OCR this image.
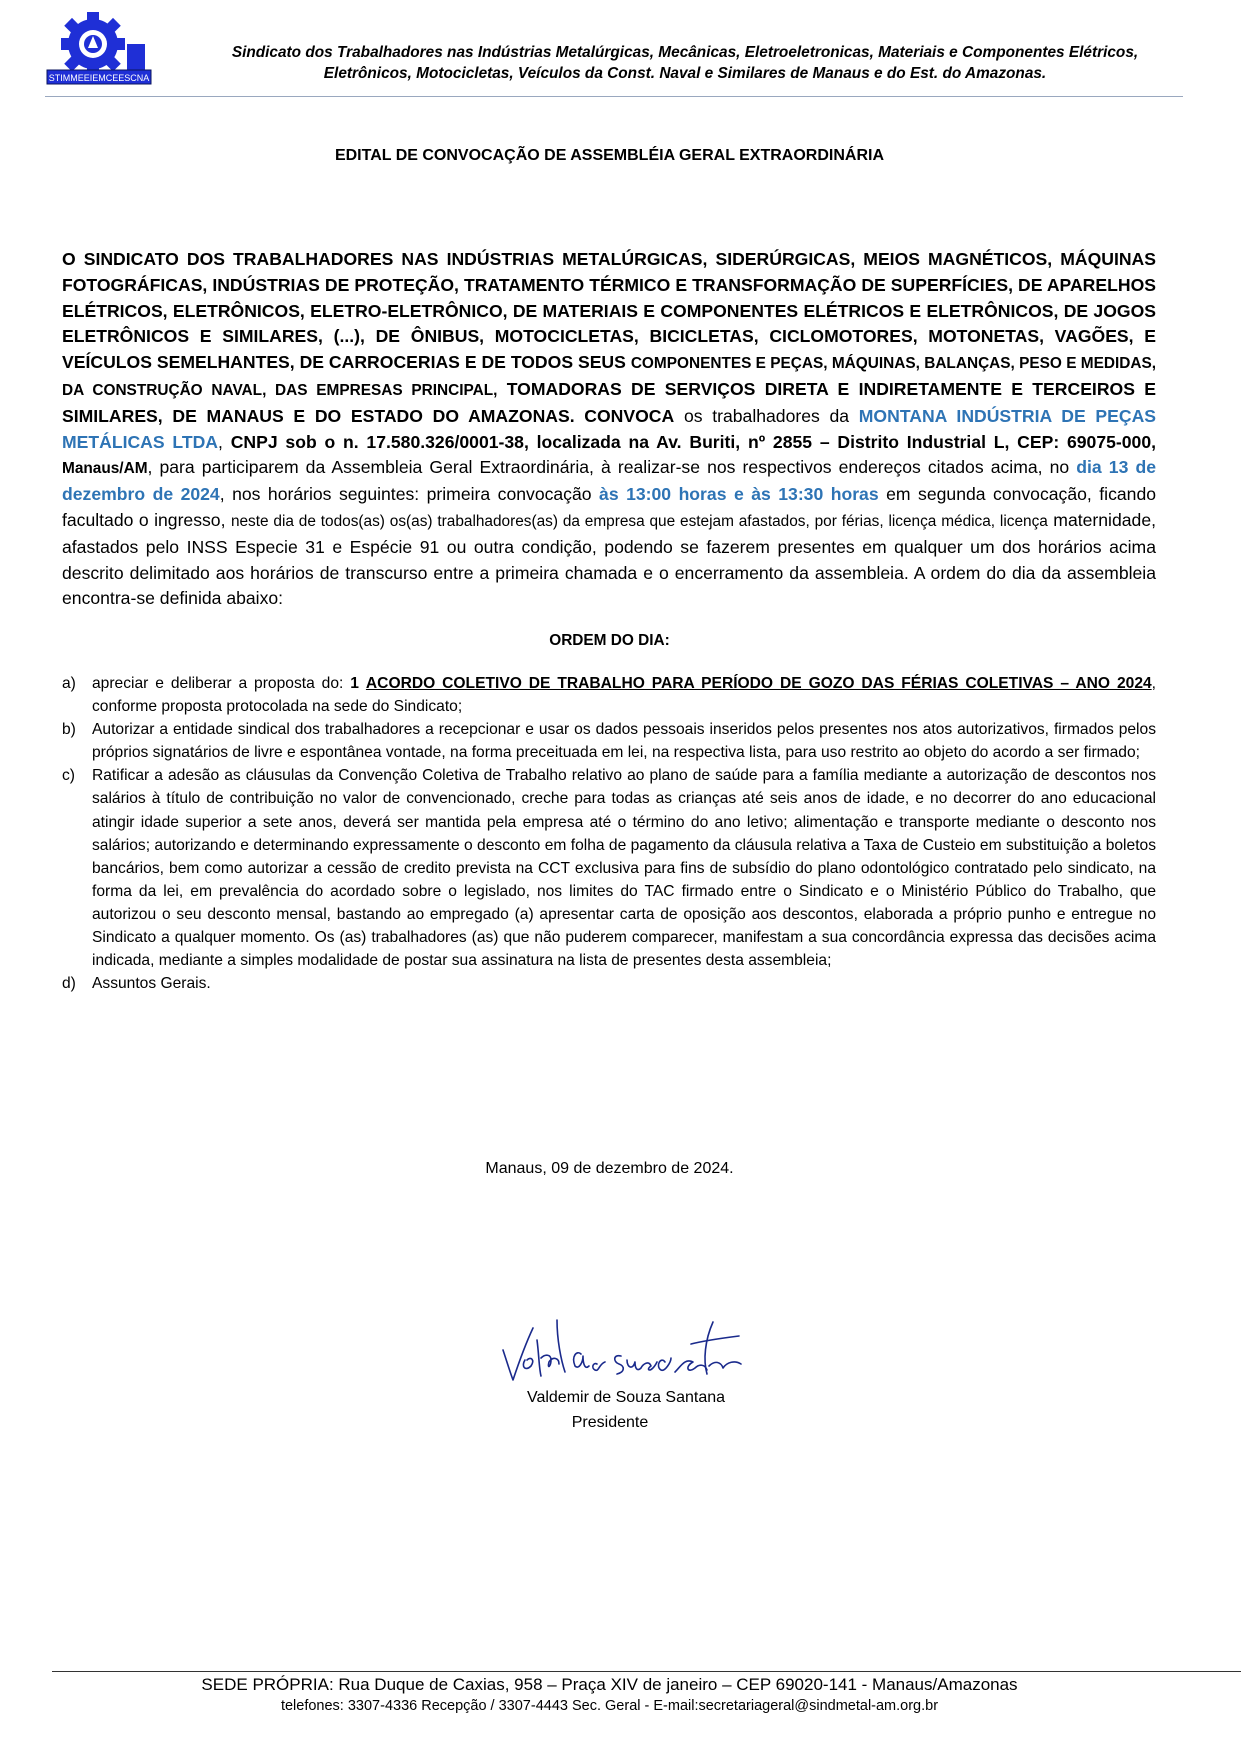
STIMMEEIEMCEESCNA
Sindicato dos Trabalhadores nas Indústrias Metalúrgicas, Mecânicas, Eletroeletronicas, Materiais e Componentes Elétricos,
Eletrônicos, Motocicletas, Veículos da Const. Naval e Similares de Manaus e do Est. do Amazonas.
EDITAL DE CONVOCAÇÃO DE ASSEMBLÉIA GERAL EXTRAORDINÁRIA
O SINDICATO DOS TRABALHADORES NAS INDÚSTRIAS METALÚRGICAS, SIDERÚRGICAS, MEIOS MAGNÉTICOS, MÁQUINAS FOTOGRÁFICAS, INDÚSTRIAS DE PROTEÇÃO, TRATAMENTO TÉRMICO E TRANSFORMAÇÃO DE SUPERFÍCIES, DE APARELHOS ELÉTRICOS, ELETRÔNICOS, ELETRO-ELETRÔNICO, DE MATERIAIS E COMPONENTES ELÉTRICOS E ELETRÔNICOS, DE JOGOS ELETRÔNICOS E SIMILARES, (...), DE ÔNIBUS, MOTOCICLETAS, BICICLETAS, CICLOMOTORES, MOTONETAS, VAGÕES, E VEÍCULOS SEMELHANTES, DE CARROCERIAS E DE TODOS SEUS COMPONENTES E PEÇAS, MÁQUINAS, BALANÇAS, PESO E MEDIDAS, DA CONSTRUÇÃO NAVAL, DAS EMPRESAS PRINCIPAL, TOMADORAS DE SERVIÇOS DIRETA E INDIRETAMENTE E TERCEIROS E SIMILARES, DE MANAUS E DO ESTADO DO AMAZONAS. CONVOCA os trabalhadores da MONTANA INDÚSTRIA DE PEÇAS METÁLICAS LTDA, CNPJ sob o n. 17.580.326/0001-38, localizada na Av. Buriti, nº 2855 – Distrito Industrial L, CEP: 69075-000, Manaus/AM, para participarem da Assembleia Geral Extraordinária, à realizar-se nos respectivos endereços citados acima, no dia 13 de dezembro de 2024, nos horários seguintes: primeira convocação às 13:00 horas e às 13:30 horas em segunda convocação, ficando facultado o ingresso, neste dia de todos(as) os(as) trabalhadores(as) da empresa que estejam afastados, por férias, licença médica, licença maternidade, afastados pelo INSS Especie 31 e Espécie 91 ou outra condição, podendo se fazerem presentes em qualquer um dos horários acima descrito delimitado aos horários de transcurso entre a primeira chamada e o encerramento da assembleia. A ordem do dia da assembleia encontra-se definida abaixo:
ORDEM DO DIA:
a)	apreciar e deliberar a proposta do: 1 ACORDO COLETIVO DE TRABALHO PARA PERÍODO DE GOZO DAS FÉRIAS COLETIVAS – ANO 2024, conforme proposta protocolada na sede do Sindicato;
b)	Autorizar a entidade sindical dos trabalhadores a recepcionar e usar os dados pessoais inseridos pelos presentes nos atos autorizativos, firmados pelos próprios signatários de livre e espontânea vontade, na forma preceituada em lei, na respectiva lista, para uso restrito ao objeto do acordo a ser firmado;
c)	Ratificar a adesão as cláusulas da Convenção Coletiva de Trabalho relativo ao plano de saúde para a família mediante a autorização de descontos nos salários à título de contribuição no valor de convencionado, creche para todas as crianças até seis anos de idade, e no decorrer do ano educacional atingir idade superior a sete anos, deverá ser mantida pela empresa até o término do ano letivo; alimentação e transporte mediante o desconto nos salários; autorizando e determinando expressamente o desconto em folha de pagamento da cláusula relativa a Taxa de Custeio em substituição a boletos bancários, bem como autorizar a cessão de credito prevista na CCT exclusiva para fins de subsídio do plano odontológico contratado pelo sindicato, na forma da lei, em prevalência do acordado sobre o legislado, nos limites do TAC firmado entre o Sindicato e o Ministério Público do Trabalho, que autorizou o seu desconto mensal, bastando ao empregado (a) apresentar carta de oposição aos descontos, elaborada a próprio punho e entregue no Sindicato a qualquer momento. Os (as) trabalhadores (as) que não puderem comparecer, manifestam a sua concordância expressa das decisões acima indicada, mediante a simples modalidade de postar sua assinatura na lista de presentes desta assembleia;
d)	Assuntos Gerais.
Manaus, 09 de dezembro de 2024.
Valdemir de Souza Santana
Presidente
SEDE PRÓPRIA: Rua Duque de Caxias, 958 – Praça XIV de janeiro – CEP 69020-141 - Manaus/Amazonas
telefones: 3307-4336 Recepção / 3307-4443 Sec. Geral - E-mail:secretariageral@sindmetal-am.org.br
